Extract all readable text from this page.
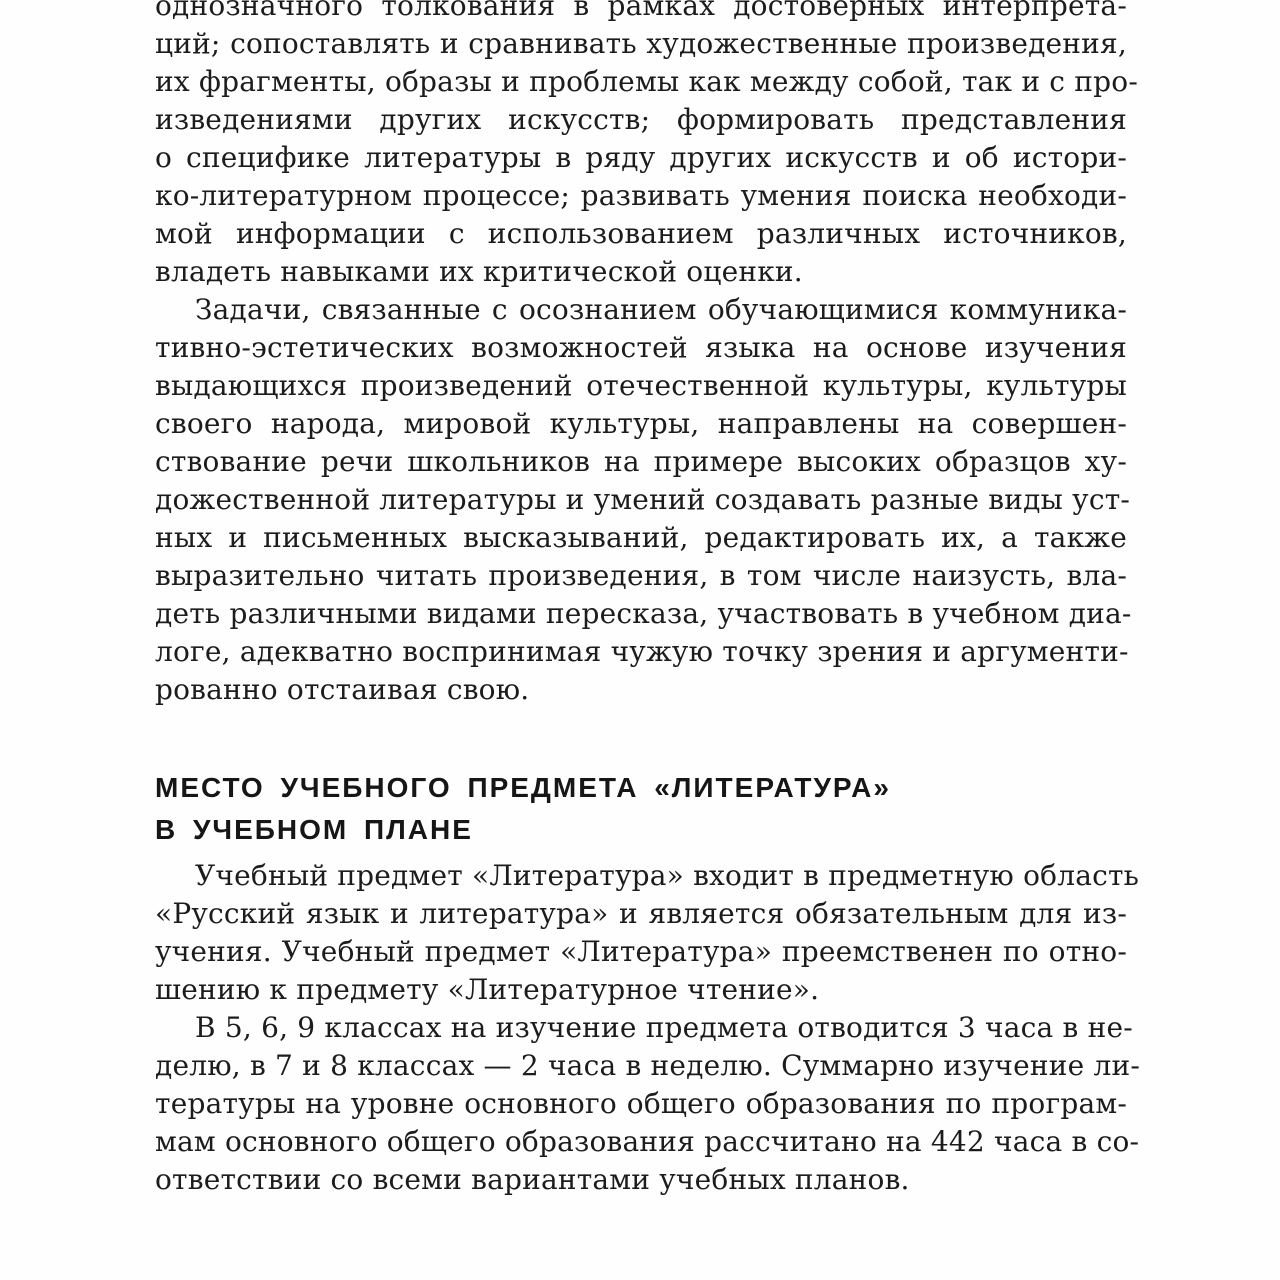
однозначного толкования в рамках достоверных интерпрета-
ций; сопоставлять и сравнивать художественные произведения,
их фрагменты, образы и проблемы как между собой, так и с про-
изведениями других искусств; формировать представления
о специфике литературы в ряду других искусств и об истори-
ко-литературном процессе; развивать умения поиска необходи-
мой информации с использованием различных источников,
владеть навыками их критической оценки.
Задачи, связанные с осознанием обучающимися коммуника-
тивно-эстетических возможностей языка на основе изучения
выдающихся произведений отечественной культуры, культуры
своего народа, мировой культуры, направлены на совершен-
ствование речи школьников на примере высоких образцов ху-
дожественной литературы и умений создавать разные виды уст-
ных и письменных высказываний, редактировать их, а также
выразительно читать произведения, в том числе наизусть, вла-
деть различными видами пересказа, участвовать в учебном диа-
логе, адекватно воспринимая чужую точку зрения и аргументи-
рованно отстаивая свою.
МЕСТО УЧЕБНОГО ПРЕДМЕТА «ЛИТЕРАТУРА»
В УЧЕБНОМ ПЛАНЕ
Учебный предмет «Литература» входит в предметную область
«Русский язык и литература» и является обязательным для из-
учения. Учебный предмет «Литература» преемственен по отно-
шению к предмету «Литературное чтение».
В 5, 6, 9 классах на изучение предмета отводится 3 часа в не-
делю, в 7 и 8 классах — 2 часа в неделю. Суммарно изучение ли-
тературы на уровне основного общего образования по програм-
мам основного общего образования рассчитано на 442 часа в со-
ответствии со всеми вариантами учебных планов.
